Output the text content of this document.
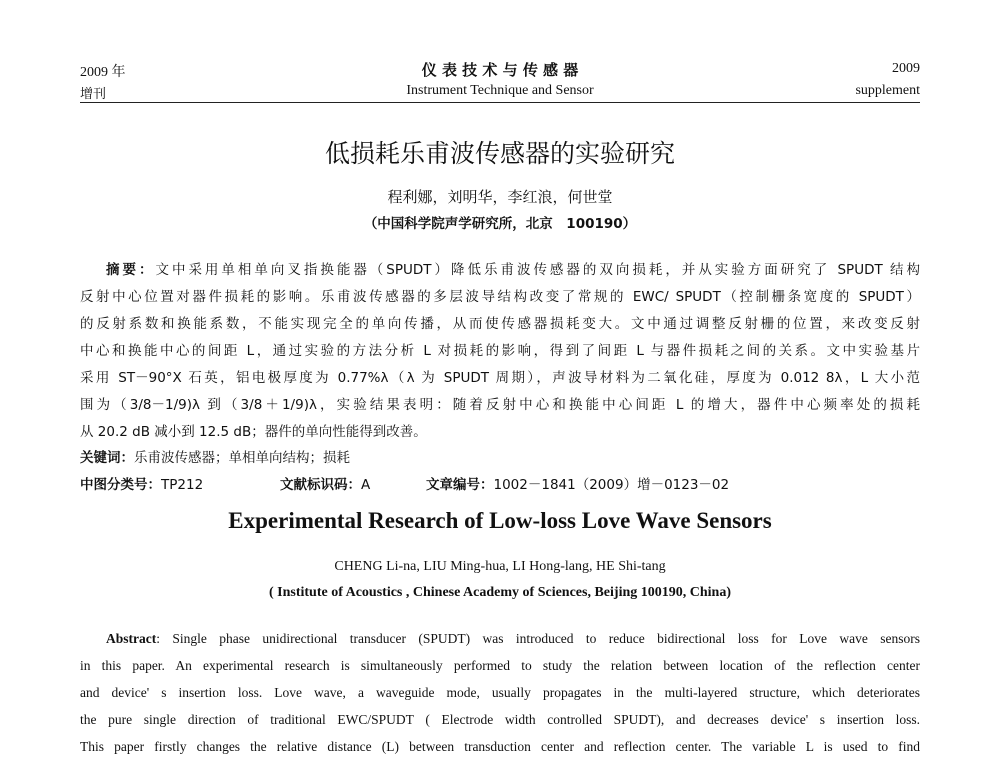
2009 年
增刊
仪 表 技 术 与 传 感 器
Instrument Technique and Sensor
2009
supplement
低损耗乐甫波传感器的实验研究
程利娜，刘明华，李红浪，何世堂
（中国科学院声学研究所，北京　100190）
摘要：文中采用单相单向叉指换能器（SPUDT）降低乐甫波传感器的双向损耗，并从实验方面研究了 SPUDT 结构
反射中心位置对器件损耗的影响。乐甫波传感器的多层波导结构改变了常规的 EWC/ SPUDT（控制栅条宽度的 SPUDT）
的反射系数和换能系数，不能实现完全的单向传播，从而使传感器损耗变大。文中通过调整反射栅的位置，来改变反射
中心和换能中心的间距 L，通过实验的方法分析 L 对损耗的影响，得到了间距 L 与器件损耗之间的关系。文中实验基片
采用 ST－90°X 石英，铝电极厚度为 0.77%λ（λ 为 SPUDT 周期），声波导材料为二氧化硅，厚度为 0.012 8λ，L 大小范
围为（3/8－1/9)λ 到（3/8＋1/9)λ，实验结果表明：随着反射中心和换能中心间距 L 的增大，器件中心频率处的损耗
从 20.2 dB 减小到 12.5 dB；器件的单向性能得到改善。
关键词：乐甫波传感器；单相单向结构；损耗
中图分类号：TP212	文献标识码：A	文章编号：1002－1841（2009）增－0123－02
Experimental Research of Low-loss Love Wave Sensors
CHENG Li-na, LIU Ming-hua, LI Hong-lang, HE Shi-tang
( Institute of Acoustics , Chinese Academy of Sciences, Beijing 100190, China)
Abstract: Single phase unidirectional transducer (SPUDT) was introduced to reduce bidirectional loss for Love wave sensors
in this paper. An experimental research is simultaneously performed to study the relation between location of the reflection center
and device' s insertion loss. Love wave, a waveguide mode, usually propagates in the multi-layered structure, which deteriorates
the pure single direction of traditional EWC/SPUDT ( Electrode width controlled SPUDT), and decreases device' s insertion loss.
This paper firstly changes the relative distance (L) between transduction center and reflection center. The variable L is used to find
